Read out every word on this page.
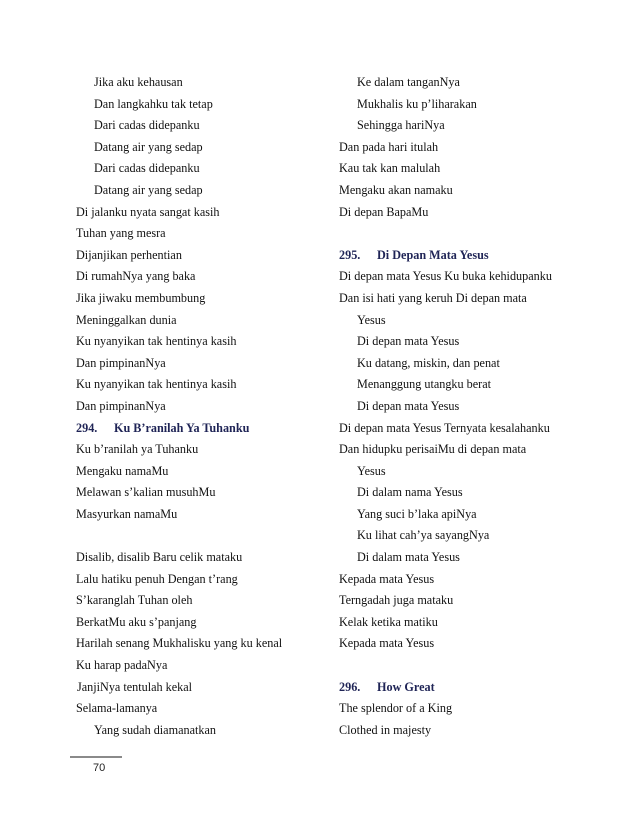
Jika aku kehausan
Dan langkahku tak tetap
Dari cadas didepanku
Datang air yang sedap
Dari cadas didepanku
Datang air yang sedap
Di jalanku nyata sangat kasih
Tuhan yang mesra
Dijanjikan perhentian
Di rumahNya yang baka
Jika jiwaku membumbung
Meninggalkan dunia
Ku nyanyikan tak hentinya kasih
Dan pimpinanNya
Ku nyanyikan tak hentinya kasih
Dan pimpinanNya
294. Ku B’ranilah Ya Tuhanku
Ku b’ranilah ya Tuhanku
Mengaku namaMu
Melawan s’kalian musuhMu
Masyurkan namaMu
Disalib, disalib Baru celik mataku
Lalu hatiku penuh Dengan t’rang
S’karanglah Tuhan oleh
BerkatMu aku s’panjang
Harilah senang Mukhalisku yang ku kenal
Ku harap padaNya
JanjiNya tentulah kekal
Selama-lamanya
Yang sudah diamanatkan
Ke dalam tanganNya
Mukhalis ku p’liharakan
Sehingga hariNya
Dan pada hari itulah
Kau tak kan malulah
Mengaku akan namaku
Di depan BapaMu
295. Di Depan Mata Yesus
Di depan mata Yesus Ku buka kehidupanku
Dan isi hati yang keruh Di depan mata
Yesus
Di depan mata Yesus
Ku datang, miskin, dan penat
Menanggung utangku berat
Di depan mata Yesus
Di depan mata Yesus Ternyata kesalahanku
Dan hidupku perisaiMu di depan mata
Yesus
Di dalam nama Yesus
Yang suci b’laka apiNya
Ku lihat cah’ya sayangNya
Di dalam mata Yesus
Kepada mata Yesus
Terngadah juga mataku
Kelak ketika matiku
Kepada mata Yesus
296. How Great
The splendor of a King
Clothed in majesty
70
